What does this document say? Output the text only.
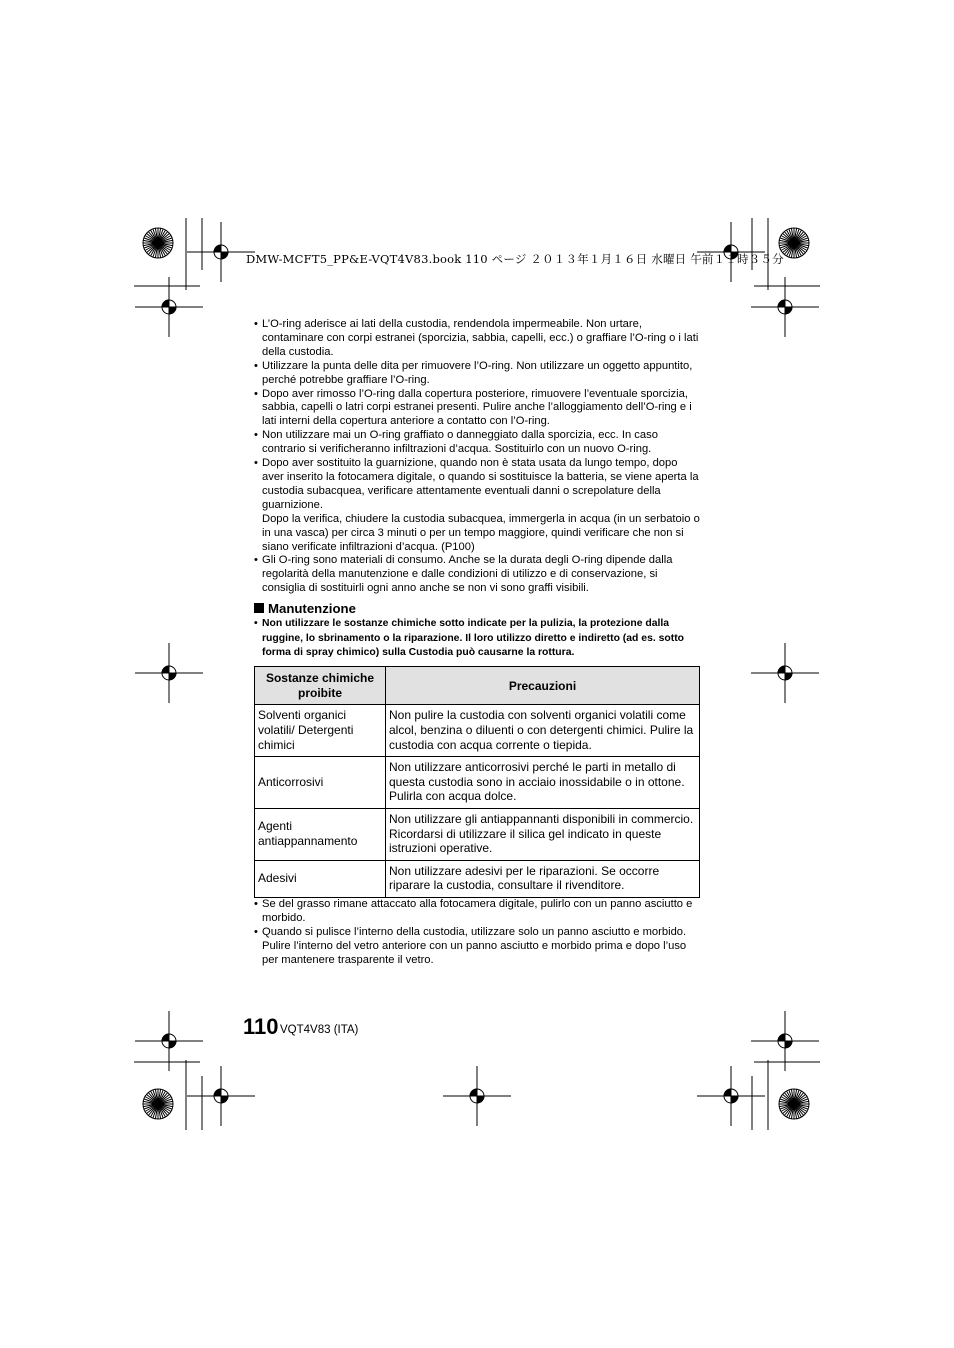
DMW-MCFT5_PP&E-VQT4V83.book 110 ページ ２０１３年１月１６日 水曜日 午前１１時３５分
• L’O-ring aderisce ai lati della custodia, rendendola impermeabile. Non urtare, contaminare con corpi estranei (sporcizia, sabbia, capelli, ecc.) o graffiare l’O-ring o i lati della custodia.
• Utilizzare la punta delle dita per rimuovere l’O-ring. Non utilizzare un oggetto appuntito, perché potrebbe graffiare l’O-ring.
• Dopo aver rimosso l’O-ring dalla copertura posteriore, rimuovere l’eventuale sporcizia, sabbia, capelli o latri corpi estranei presenti. Pulire anche l’alloggiamento dell’O-ring e i lati interni della copertura anteriore a contatto con l’O-ring.
• Non utilizzare mai un O-ring graffiato o danneggiato dalla sporcizia, ecc. In caso contrario si verificheranno infiltrazioni d’acqua. Sostituirlo con un nuovo O-ring.
• Dopo aver sostituito la guarnizione, quando non è stata usata da lungo tempo, dopo aver inserito la fotocamera digitale, o quando si sostituisce la batteria, se viene aperta la custodia subacquea, verificare attentamente eventuali danni o screpolature della guarnizione.
Dopo la verifica, chiudere la custodia subacquea, immergerla in acqua (in un serbatoio o in una vasca) per circa 3 minuti o per un tempo maggiore, quindi verificare che non si siano verificate infiltrazioni d’acqua. (P100)
• Gli O-ring sono materiali di consumo. Anche se la durata degli O-ring dipende dalla regolarità della manutenzione e dalle condizioni di utilizzo e di conservazione, si consiglia di sostituirli ogni anno anche se non vi sono graffi visibili.
Manutenzione
• Non utilizzare le sostanze chimiche sotto indicate per la pulizia, la protezione dalla ruggine, lo sbrinamento o la riparazione. Il loro utilizzo diretto e indiretto (ad es. sotto forma di spray chimico) sulla Custodia può causarne la rottura.
Sostanze chimiche proibite	Precauzioni
Solventi organici volatili/ Detergenti chimici	Non pulire la custodia con solventi organici volatili come alcol, benzina o diluenti o con detergenti chimici. Pulire la custodia con acqua corrente o tiepida.
Anticorrosivi	Non utilizzare anticorrosivi perché le parti in metallo di questa custodia sono in acciaio inossidabile o in ottone. Pulirla con acqua dolce.
Agenti antiappannamento	Non utilizzare gli antiappannanti disponibili in commercio. Ricordarsi di utilizzare il silica gel indicato in queste istruzioni operative.
Adesivi	Non utilizzare adesivi per le riparazioni. Se occorre riparare la custodia, consultare il rivenditore.
• Se del grasso rimane attaccato alla fotocamera digitale, pulirlo con un panno asciutto e morbido.
• Quando si pulisce l’interno della custodia, utilizzare solo un panno asciutto e morbido. Pulire l’interno del vetro anteriore con un panno asciutto e morbido prima e dopo l’uso per mantenere trasparente il vetro.
110 VQT4V83 (ITA)
